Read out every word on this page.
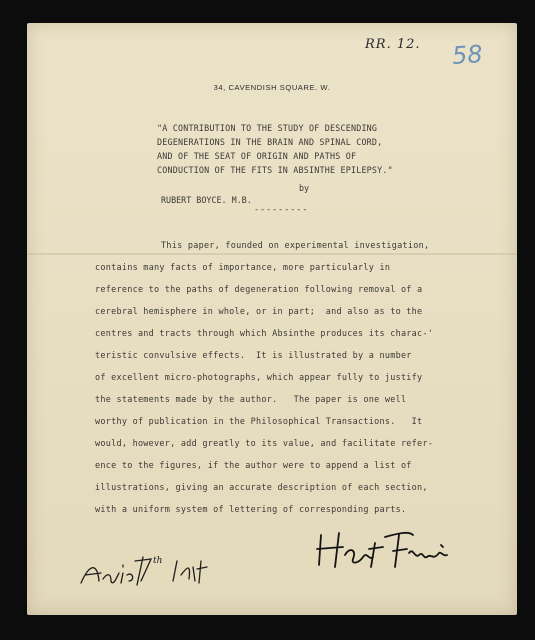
RR. 12. 58
34, CAVENDISH SQUARE. W.
"A CONTRIBUTION TO THE STUDY OF DESCENDING
DEGENERATIONS IN THE BRAIN AND SPINAL CORD,
AND OF THE SEAT OF ORIGIN AND PATHS OF
CONDUCTION OF THE FITS IN ABSINTHE EPILEPSY."
by
RUBERT BOYCE. M.B.
---------
This paper, founded on experimental investigation,
contains many facts of importance, more particularly in
reference to the paths of degeneration following removal of a
cerebral hemisphere in whole, or in part;  and also as to the
centres and tracts through which Absinthe produces its charac-'
teristic convulsive effects.  It is illustrated by a number
of excellent micro-photographs, which appear fully to justify
the statements made by the author.   The paper is one well
worthy of publication in the Philosophical Transactions.   It
would, however, add greatly to its value, and facilitate refer-
ence to the figures, if the author were to append a list of
illustrations, giving an accurate description of each section,
with a uniform system of lettering of corresponding parts.
th
